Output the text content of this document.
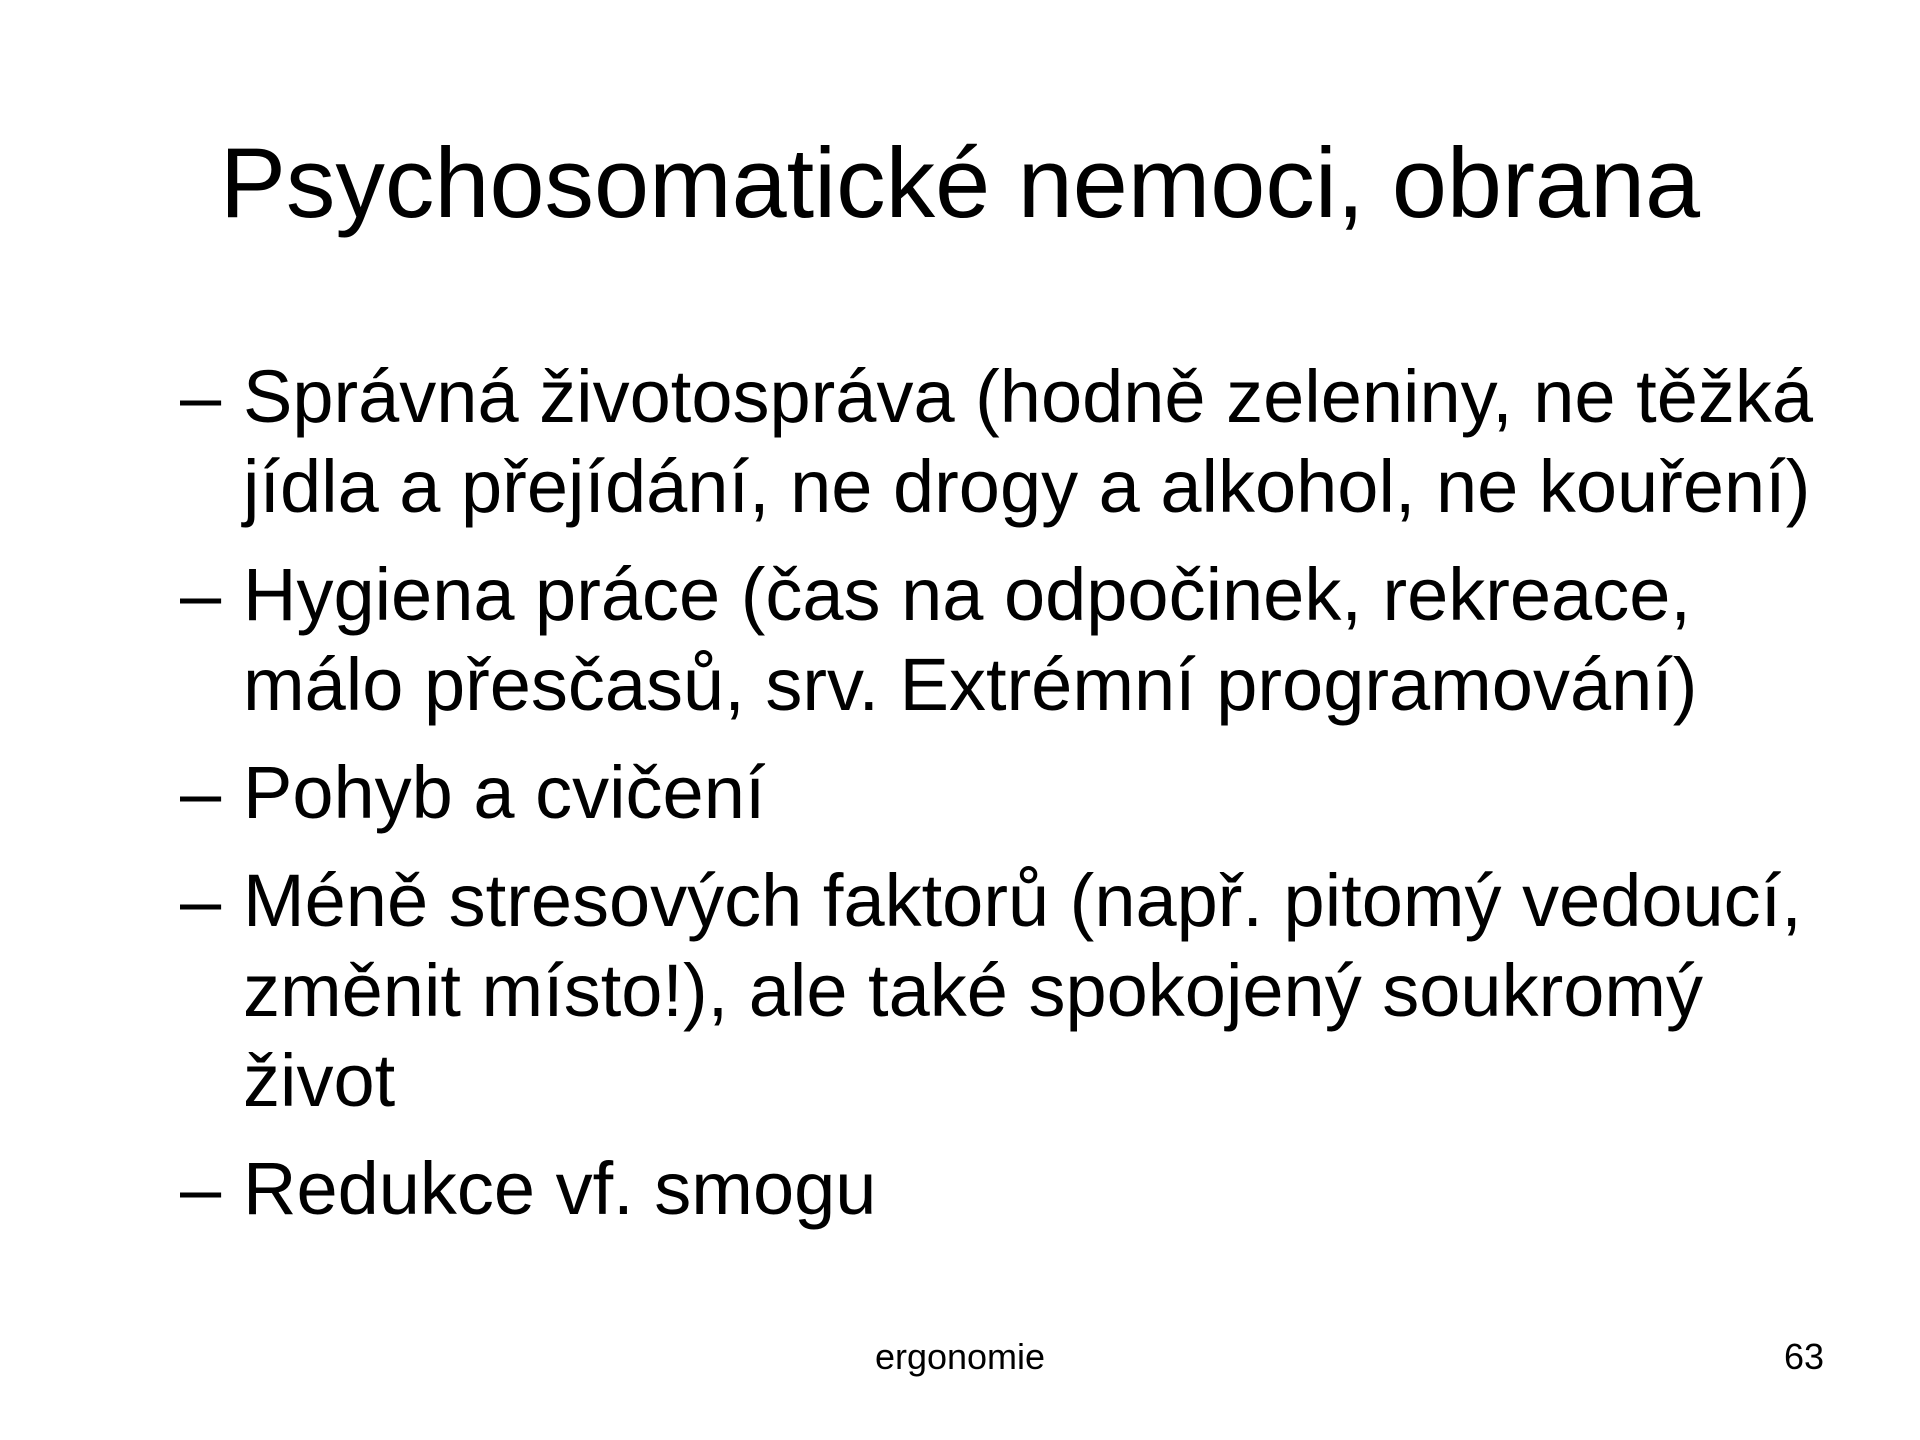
Psychosomatické nemoci, obrana
– Správná životospráva (hodně zeleniny, ne těžká
jídla a přejídání, ne drogy a alkohol, ne kouření)
– Hygiena práce (čas na odpočinek, rekreace,
málo přesčasů, srv. Extrémní programování)
– Pohyb a cvičení
– Méně stresových faktorů (např. pitomý vedoucí,
změnit místo!), ale také spokojený soukromý
život
– Redukce vf. smogu
ergonomie	63
